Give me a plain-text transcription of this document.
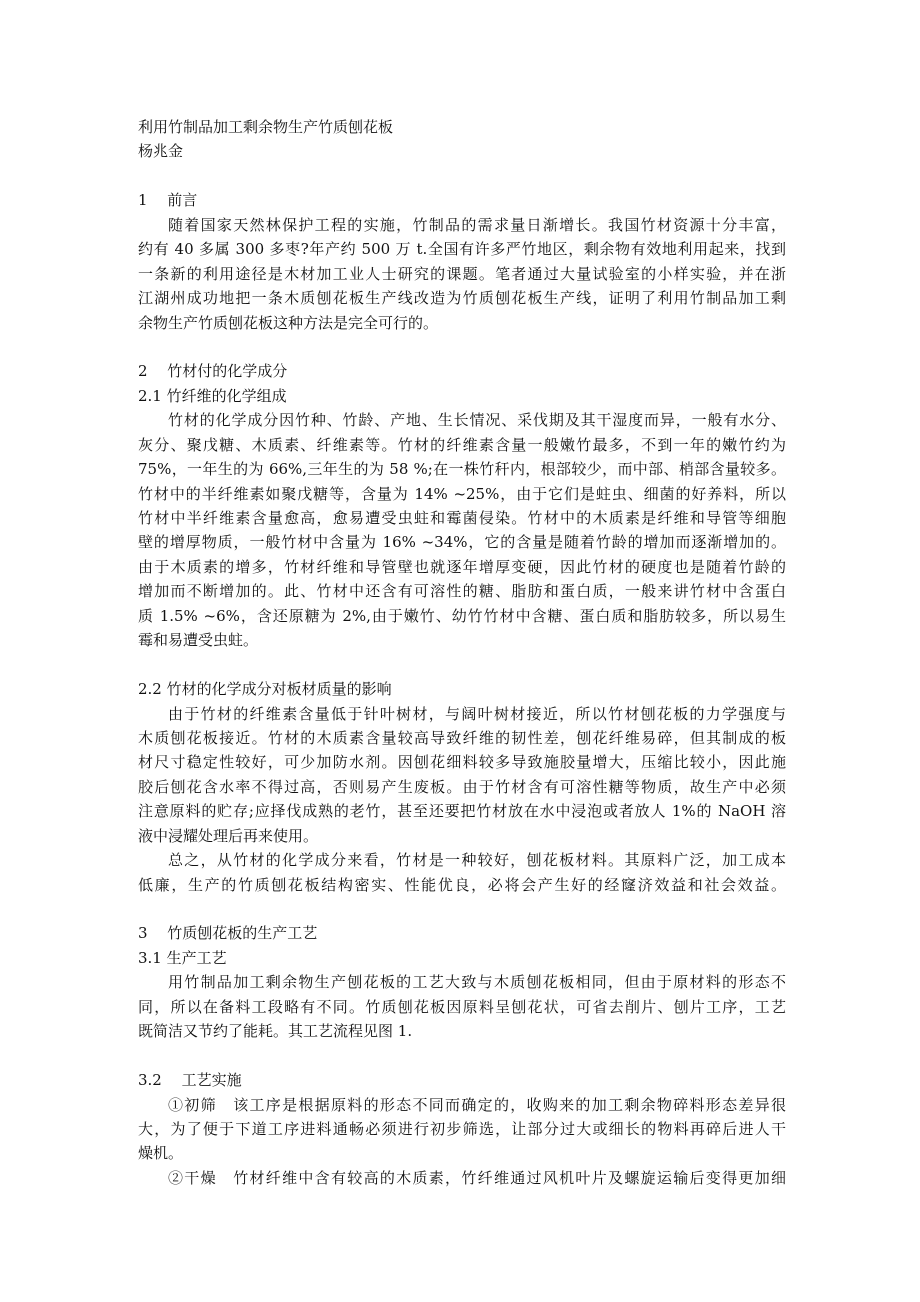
利用竹制品加工剩余物生产竹质刨花板
杨兆金
1　 前言
随着国家天然林保护工程的实施，竹制品的需求量日渐增长。我国竹材资源十分丰富，
约有 40 多属 300 多枣?年产约 500 万 t.全国有许多严竹地区，剩余物有效地利用起来，找到
一条新的利用途径是木材加工业人士研究的课题。笔者通过大量试验室的小样实验，并在浙
江湖州成功地把一条木质刨花板生产线改造为竹质刨花板生产线，证明了利用竹制品加工剩
余物生产竹质刨花板这种方法是完全可行的。
2　 竹材付的化学成分
2.1 竹纤维的化学组成
竹材的化学成分因竹种、竹龄、产地、生长情况、采伐期及其干湿度而异，一般有水分、
灰分、聚戊糖、木质素、纤维素等。竹材的纤维素含量一般嫩竹最多，不到一年的嫩竹约为
75%，一年生的为 66%,三年生的为 58 %;在一株竹秆内，根部较少，而中部、梢部含量较多。
竹材中的半纤维素如聚戊糖等，含量为 14% ~25%，由于它们是蛀虫、细菌的好养料，所以
竹材中半纤维素含量愈高，愈易遭受虫蛀和霉菌侵染。竹材中的木质素是纤维和导管等细胞
壁的增厚物质，一般竹材中含量为 16% ~34%，它的含量是随着竹龄的增加而逐渐增加的。
由于木质素的增多，竹材纤维和导管壁也就逐年增厚变硬，因此竹材的硬度也是随着竹龄的
增加而不断增加的。此、竹材中还含有可溶性的糖、脂肪和蛋白质，一般来讲竹材中含蛋白
质 1.5% ~6%，含还原糖为 2%,由于嫩竹、幼竹竹材中含糖、蛋白质和脂肪较多，所以易生
霉和易遭受虫蛀。
2.2 竹材的化学成分对板材质量的影响
由于竹材的纤维素含量低于针叶树材，与阔叶树材接近，所以竹材刨花板的力学强度与
木质刨花板接近。竹材的木质素含量较高导致纤维的韧性差，刨花纤维易碎，但其制成的板
材尺寸稳定性较好，可少加防水剂。因刨花细料较多导致施胶量增大，压缩比较小，因此施
胶后刨花含水率不得过高，否则易产生废板。由于竹材含有可溶性糖等物质，故生产中必须
注意原料的贮存;应择伐成熟的老竹，甚至还要把竹材放在水中浸泡或者放人 1%的 NaOH 溶
液中浸耀处理后再来使用。
总之，从竹材的化学成分来看，竹材是一种较好，刨花板材料。其原料广泛，加工成本
低廉，生产的竹质刨花板结构密实、性能优良，必将会产生好的经窿济效益和社会效益。
3　 竹质刨花板的生产工艺
3.1 生产工艺
用竹制品加工剩余物生产刨花板的工艺大致与木质刨花板相同，但由于原材料的形态不
同，所以在备料工段略有不同。竹质刨花板因原料呈刨花状，可省去削片、刨片工序，工艺
既简洁又节约了能耗。其工艺流程见图 1.
3.2　 工艺实施
①初筛　该工序是根据原料的形态不同而确定的，收购来的加工剩余物碎料形态差异很
大，为了便于下道工序进料通畅必须进行初步筛选，让部分过大或细长的物料再碎后进人干
燥机。
②干燥　竹材纤维中含有较高的木质素，竹纤维通过风机叶片及螺旋运输后变得更加细
